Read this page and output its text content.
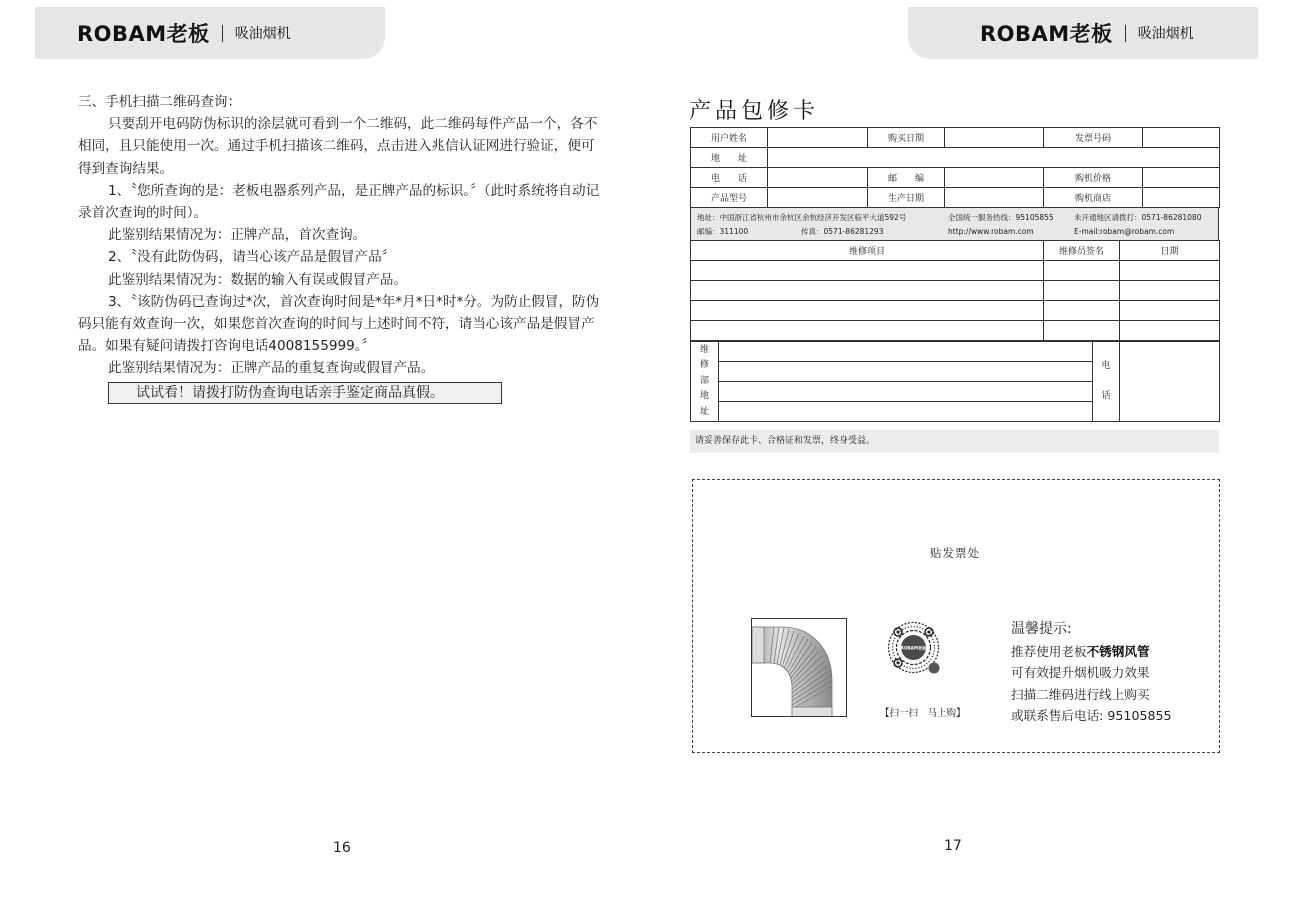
ROBAM老板 吸油烟机	ROBAM老板 吸油烟机

三、手机扫描二维码查询：

只要刮开电码防伪标识的涂层就可看到一个二维码，此二维码每件产品一个，各不相同，且只能使用一次。通过手机扫描该二维码，点击进入兆信认证网进行验证，便可得到查询结果。

1、〝您所查询的是：老板电器系列产品，是正牌产品的标识。〞（此时系统将自动记录首次查询的时间）。

此鉴别结果情况为：正牌产品，首次查询。

2、〝没有此防伪码，请当心该产品是假冒产品〞

此鉴别结果情况为：数据的输入有误或假冒产品。

3、〝该防伪码已查询过*次，首次查询时间是*年*月*日*时*分。为防止假冒，防伪码只能有效查询一次，如果您首次查询的时间与上述时间不符，请当心该产品是假冒产品。如果有疑问请拨打咨询电话4008155999。〞

此鉴别结果情况为：正牌产品的重复查询或假冒产品。

试试看！请拨打防伪查询电话亲手鉴定商品真假。
16
产品包修卡
用户姓名		购买日期		发票号码	
地　　址					
电　　话		邮　　编		购机价格	
产品型号		生产日期		购机商店	
地址：中国浙江省杭州市余杭区余杭经济开发区临平大道592号	全国统一服务热线：95105855	未开通地区请拨打：0571-86281080
邮编：311100	传真：0571-86281293	http://www.robam.com	E-mail:robam@robam.com
维修项目	维修员签名	日期

维
修
部
地
址

电
话

请妥善保存此卡、合格证和发票，终身受益。
贴发票处
ROBAM老板
【扫一扫　马上购】
温馨提示:
推荐使用老板不锈钢风管
可有效提升烟机吸力效果
扫描二维码进行线上购买
或联系售后电话: 95105855
17
